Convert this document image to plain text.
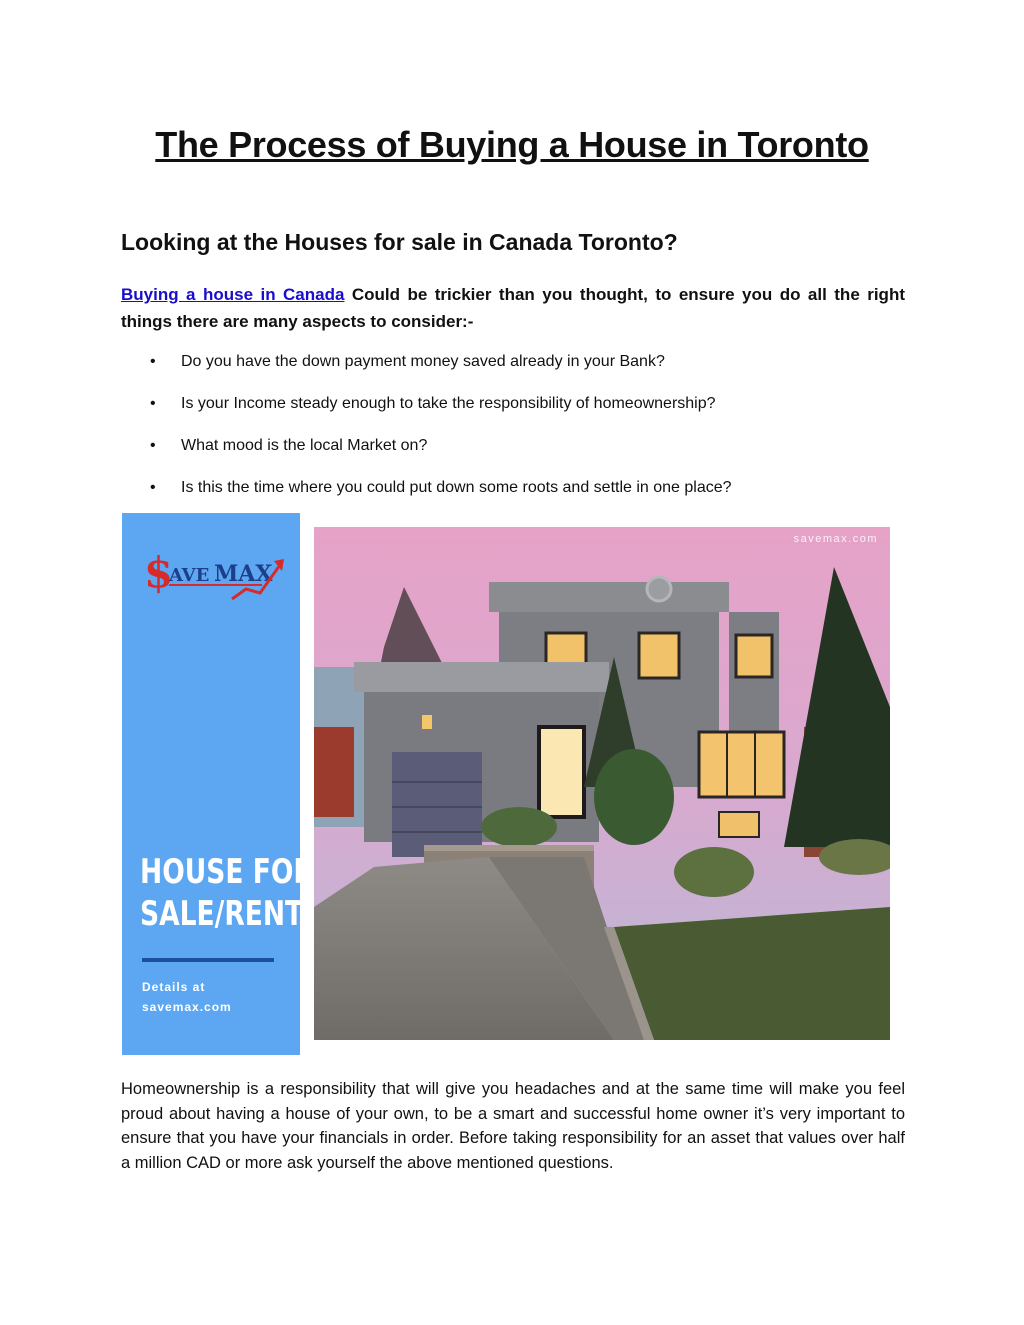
The Process of Buying a House in Toronto
Looking at the Houses for sale in Canada Toronto?

Buying a house in Canada Could be trickier than you thought, to ensure you do all the right things there are many aspects to consider:-

• Do you have the down payment money saved already in your Bank?
• Is your Income steady enough to take the responsibility of homeownership?
• What mood is the local Market on?
• Is this the time where you could put down some roots and settle in one place?
$
AVE MAX
HOUSE FOR
SALE/RENT
Details at
savemax.com
savemax.com

Homeownership is a responsibility that will give you headaches and at the same time will make you feel proud about having a house of your own, to be a smart and successful home owner it’s very important to ensure that you have your financials in order. Before taking responsibility for an asset that values over half a million CAD or more ask yourself the above mentioned questions.
